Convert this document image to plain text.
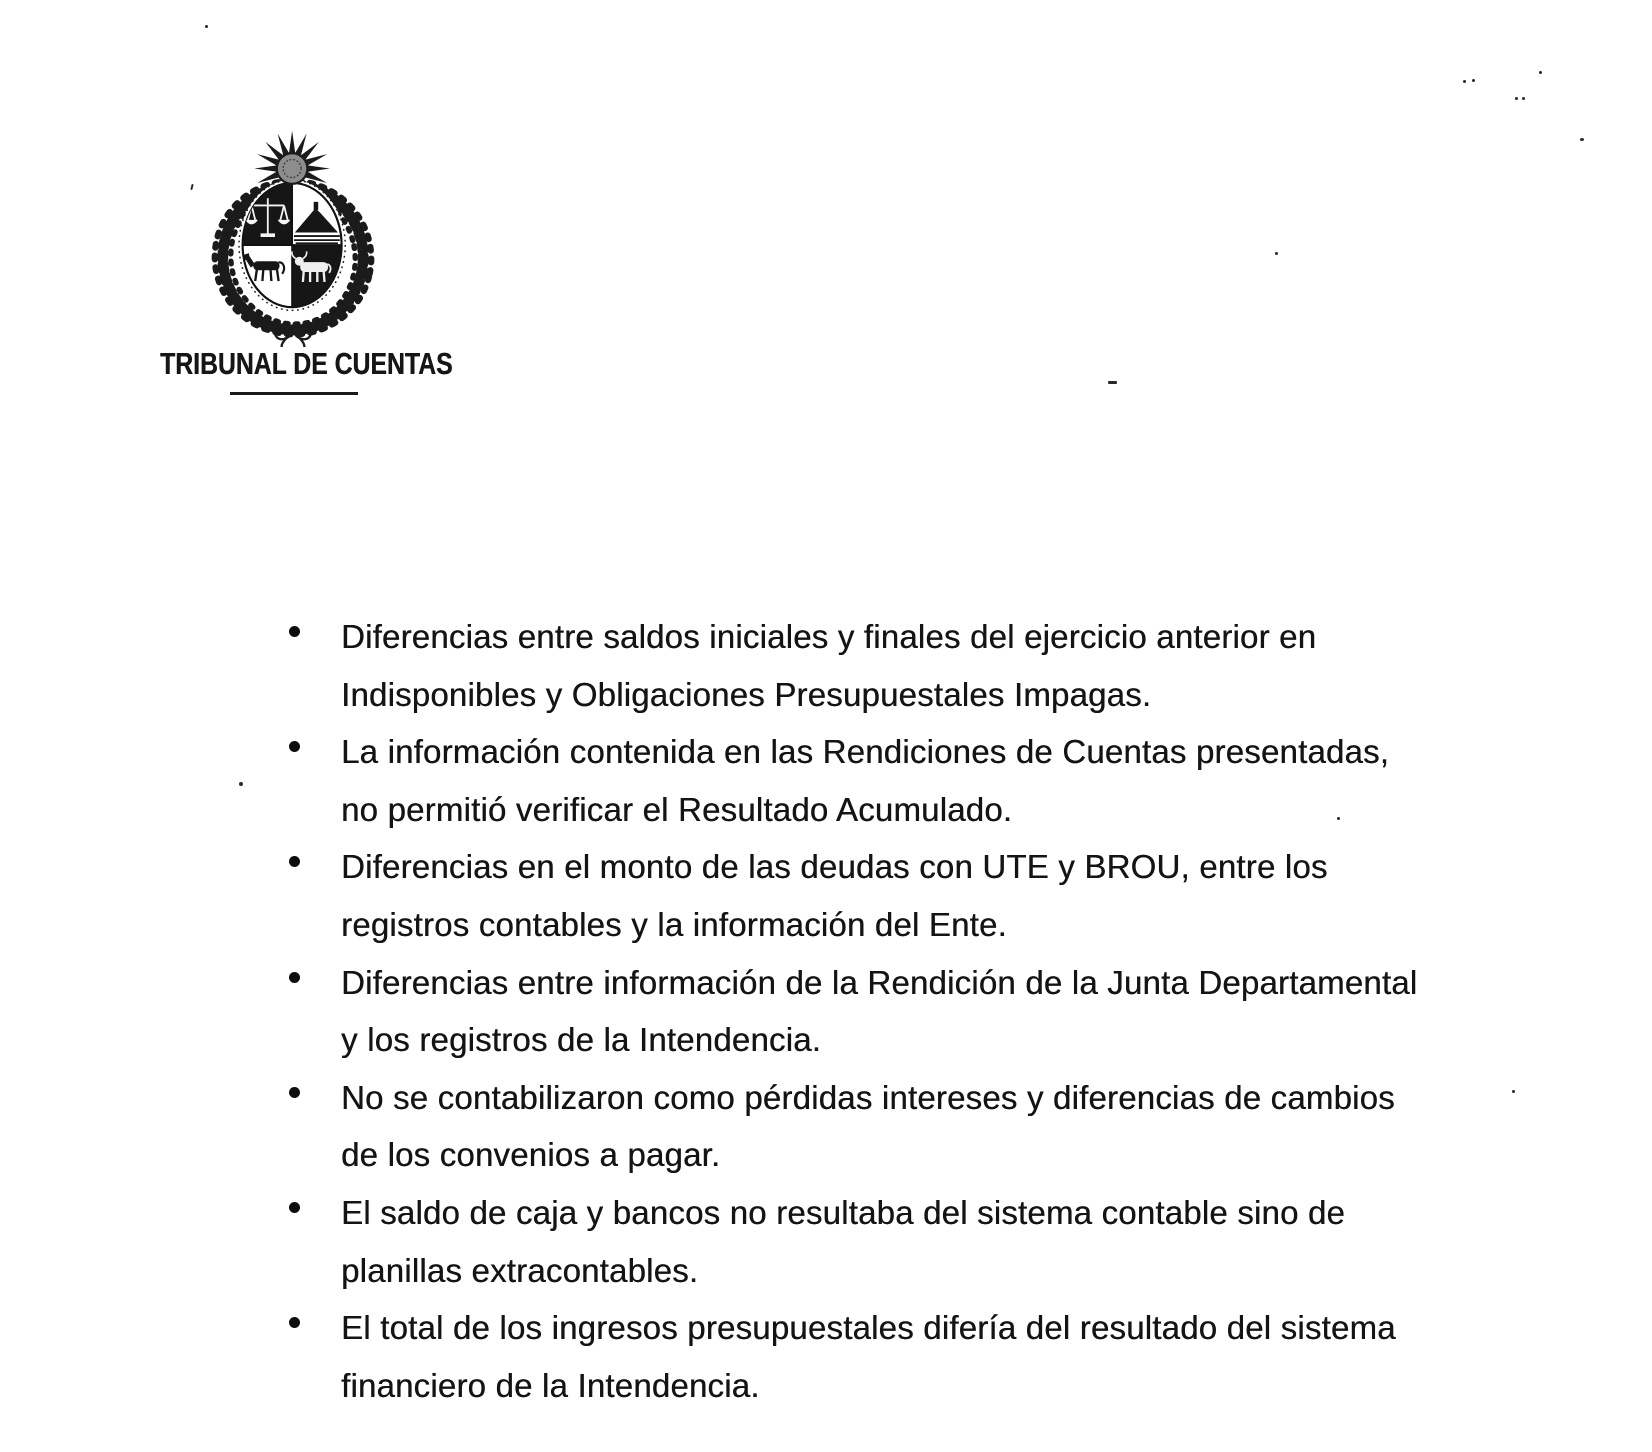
TRIBUNAL DE CUENTAS
Diferencias entre saldos iniciales y finales del ejercicio anterior en
Indisponibles y Obligaciones Presupuestales Impagas.
La información contenida en las Rendiciones de Cuentas presentadas,
no permitió verificar el Resultado Acumulado.
Diferencias en el monto de las deudas con UTE y BROU, entre los
registros contables y la información del Ente.
Diferencias entre información de la Rendición de la Junta Departamental
y los registros de la Intendencia.
No se contabilizaron como pérdidas intereses y diferencias de cambios
de los convenios a pagar.
El saldo de caja y bancos no resultaba del sistema contable sino de
planillas extracontables.
El total de los ingresos presupuestales difería del resultado del sistema
financiero de la Intendencia.
